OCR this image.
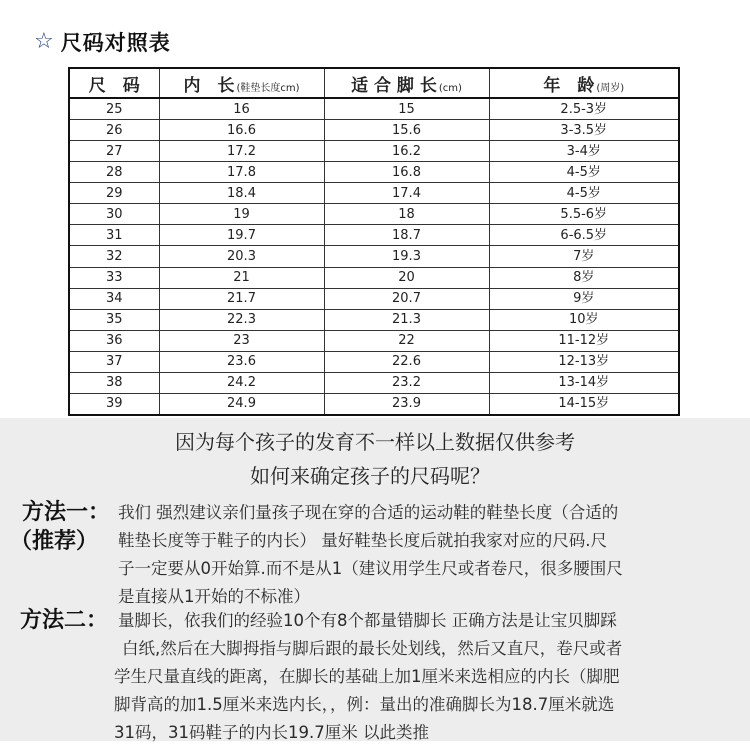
☆ 尺码对照表
尺　码	内　长 (鞋垫长度cm)	适 合 脚 长 (cm)	年　龄 (周岁)
25	16	15	2.5-3岁
26	16.6	15.6	3-3.5岁
27	17.2	16.2	3-4岁
28	17.8	16.8	4-5岁
29	18.4	17.4	4-5岁
30	19	18	5.5-6岁
31	19.7	18.7	6-6.5岁
32	20.3	19.3	7岁
33	21	20	8岁
34	21.7	20.7	9岁
35	22.3	21.3	10岁
36	23	22	11-12岁
37	23.6	22.6	12-13岁
38	24.2	23.2	13-14岁
39	24.9	23.9	14-15岁
因为每个孩子的发育不一样以上数据仅供参考
如何来确定孩子的尺码呢？
方法一：
（推荐）
我们 强烈建议亲们量孩子现在穿的合适的运动鞋的鞋垫长度（合适的
鞋垫长度等于鞋子的内长） 量好鞋垫长度后就拍我家对应的尺码.尺
子一定要从0开始算.而不是从1（建议用学生尺或者卷尺，很多腰围尺
是直接从1开始的不标准）
方法二： 量脚长，依我们的经验10个有8个都量错脚长 正确方法是让宝贝脚踩
白纸,然后在大脚拇指与脚后跟的最长处划线，然后又直尺，卷尺或者
学生尺量直线的距离，在脚长的基础上加1厘米来选相应的内长（脚肥
脚背高的加1.5厘米来选内长，，例：量出的准确脚长为18.7厘米就选
31码，31码鞋子的内长19.7厘米 以此类推
